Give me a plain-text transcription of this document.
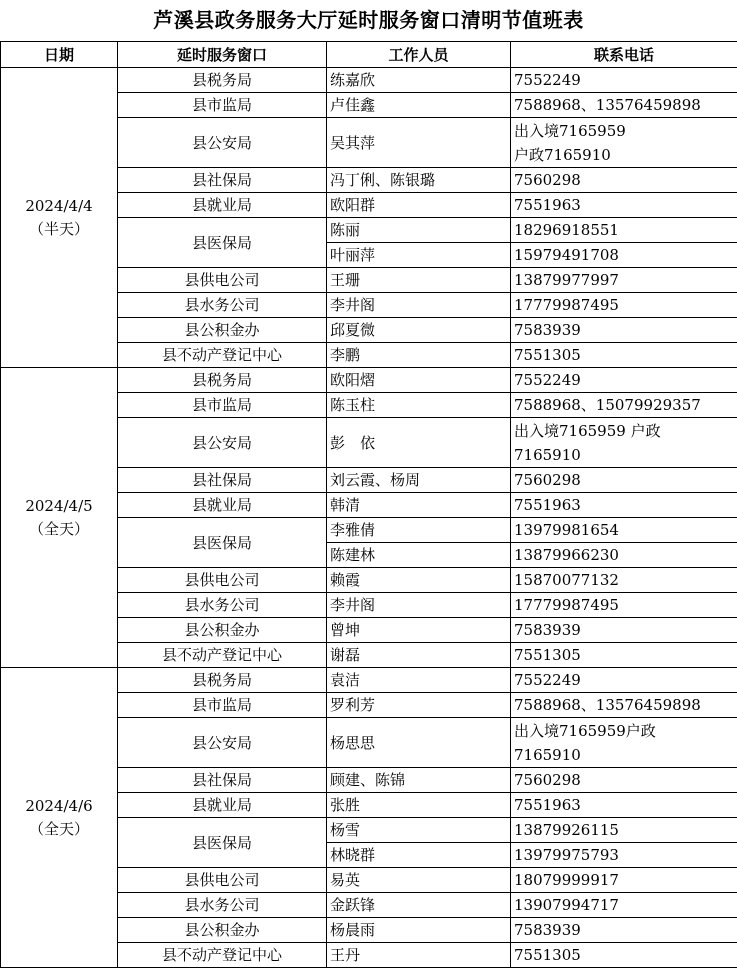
芦溪县政务服务大厅延时服务窗口清明节值班表
日期	延时服务窗口	工作人员	联系电话

2024/4/4
（半天）	县税务局	练嘉欣	7552249
	县市监局	卢佳鑫	7588968、13576459898
	县公安局	吴其萍	出入境7165959
户政7165910
	县社保局	冯丁俐、陈银璐	7560298
	县就业局	欧阳群	7551963
	县医保局	陈丽	18296918551
		叶丽萍	15979491708
	县供电公司	王珊	13879977997
	县水务公司	李井阁	17779987495
	县公积金办	邱夏微	7583939
	县不动产登记中心	李鹏	7551305

2024/4/5
（全天）	县税务局	欧阳熠	7552249
	县市监局	陈玉柱	7588968、15079929357
	县公安局	彭　依	出入境7165959 户政
7165910
	县社保局	刘云霞、杨周	7560298
	县就业局	韩清	7551963
	县医保局	李雅倩	13979981654
		陈建林	13879966230
	县供电公司	赖霞	15870077132
	县水务公司	李井阁	17779987495
	县公积金办	曾坤	7583939
	县不动产登记中心	谢磊	7551305

2024/4/6
（全天）	县税务局	袁洁	7552249
	县市监局	罗利芳	7588968、13576459898
	县公安局	杨思思	出入境7165959户政
7165910
	县社保局	顾建、陈锦	7560298
	县就业局	张胜	7551963
	县医保局	杨雪	13879926115
		林晓群	13979975793
	县供电公司	易英	18079999917
	县水务公司	金跃锋	13907994717
	县公积金办	杨晨雨	7583939
	县不动产登记中心	王丹	7551305
